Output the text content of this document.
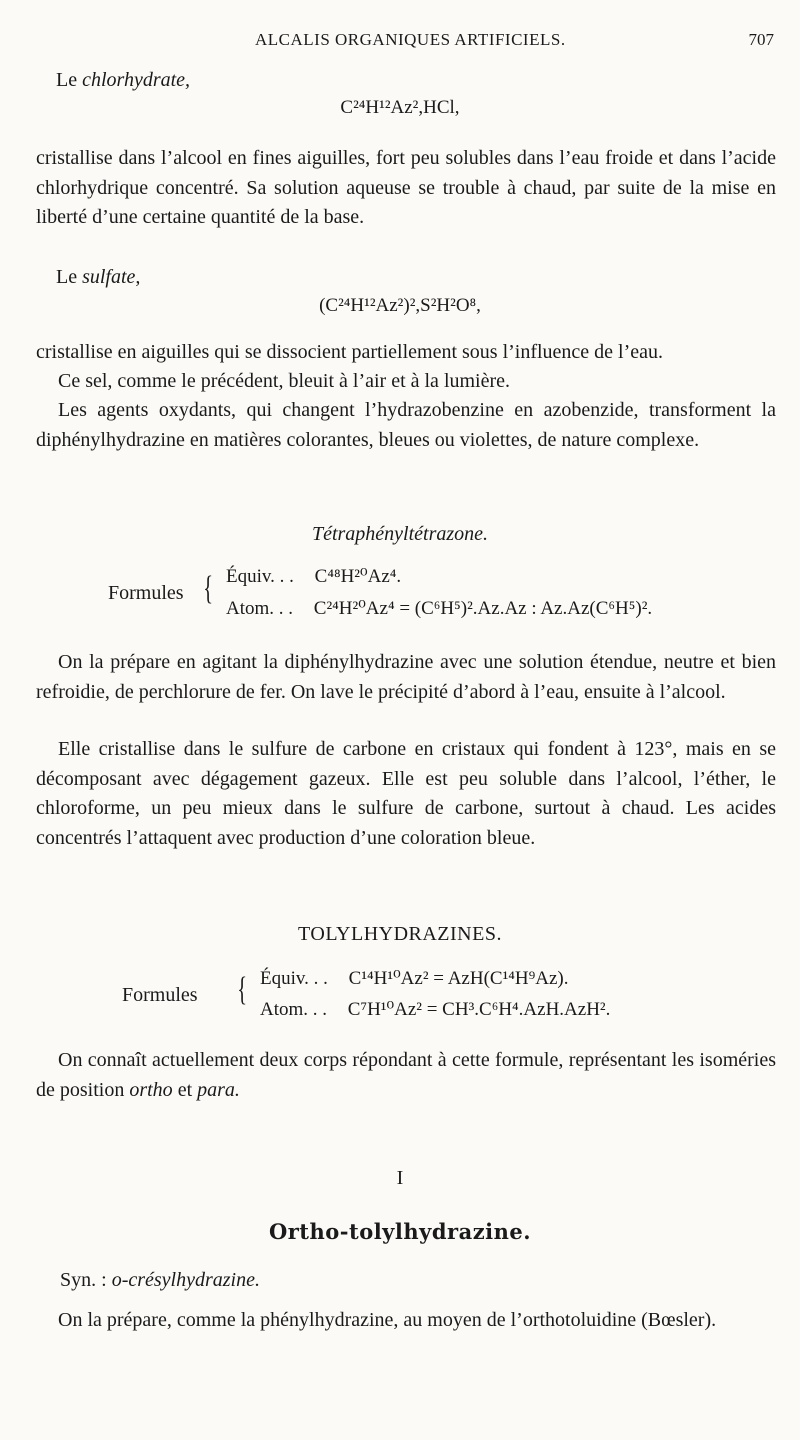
ALCALIS ORGANIQUES ARTIFICIELS.	707
Le chlorhydrate,
C²⁴H¹²Az²,HCl,
cristallise dans l’alcool en fines aiguilles, fort peu solubles dans l’eau froide et dans l’acide chlorhydrique concentré. Sa solution aqueuse se trouble à chaud, par suite de la mise en liberté d’une certaine quantité de la base.
Le sulfate,
(C²⁴H¹²Az²)²,S²H²O⁸,
cristallise en aiguilles qui se dissocient partiellement sous l’influence de l’eau.
Ce sel, comme le précédent, bleuit à l’air et à la lumière.
Les agents oxydants, qui changent l’hydrazobenzine en azobenzide, transforment la diphénylhydrazine en matières colorantes, bleues ou violettes, de nature complexe.
Tétraphényltétrazone.
Formules { Équiv. . . C⁴⁸H²⁰Az⁴.
Atom. . . C²⁴H²⁰Az⁴ = (C⁶H⁵)².Az.Az : Az.Az(C⁶H⁵)².
On la prépare en agitant la diphénylhydrazine avec une solution étendue, neutre et bien refroidie, de perchlorure de fer. On lave le précipité d’abord à l’eau, ensuite à l’alcool.
Elle cristallise dans le sulfure de carbone en cristaux qui fondent à 123°, mais en se décomposant avec dégagement gazeux. Elle est peu soluble dans l’alcool, l’éther, le chloroforme, un peu mieux dans le sulfure de carbone, surtout à chaud. Les acides concentrés l’attaquent avec production d’une coloration bleue.
TOLYLHYDRAZINES.
Formules { Équiv. . . C¹⁴H¹⁰Az² = AzH(C¹⁴H⁹Az).
Atom. . . C⁷H¹⁰Az² = CH³.C⁶H⁴.AzH.AzH².
On connaît actuellement deux corps répondant à cette formule, représentant les isoméries de position ortho et para.
I
Ortho-tolylhydrazine.
Syn. : o-crésylhydrazine.
On la prépare, comme la phénylhydrazine, au moyen de l’orthotoluidine (Bœsler).
